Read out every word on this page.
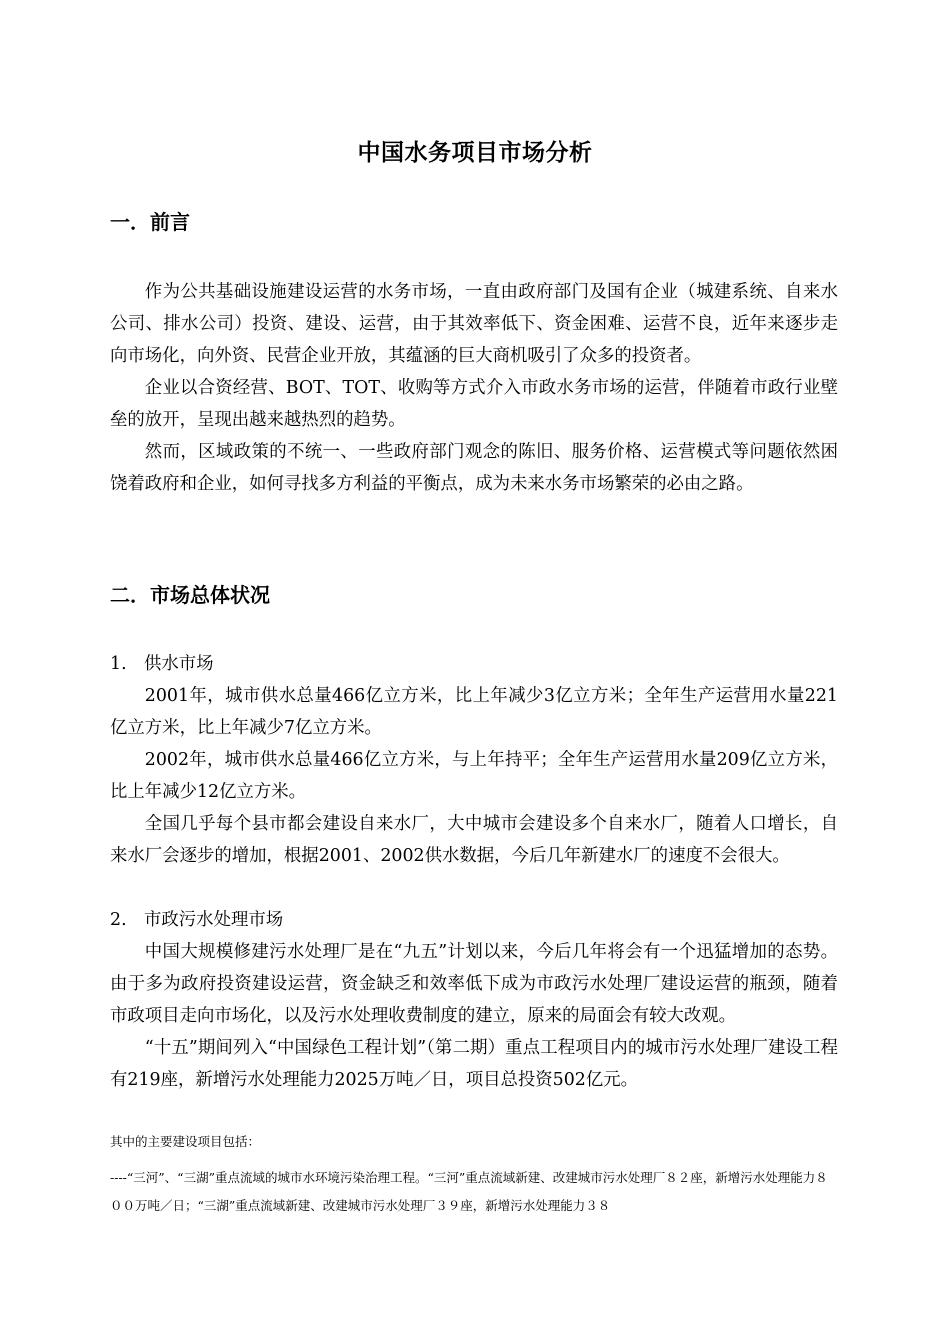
中国水务项目市场分析
一．前言

作为公共基础设施建设运营的水务市场，一直由政府部门及国有企业（城建系统、自来水公司、排水公司）投资、建设、运营，由于其效率低下、资金困难、运营不良，近年来逐步走向市场化，向外资、民营企业开放，其蕴涵的巨大商机吸引了众多的投资者。

企业以合资经营、BOT、TOT、收购等方式介入市政水务市场的运营，伴随着市政行业壁垒的放开，呈现出越来越热烈的趋势。

然而，区域政策的不统一、一些政府部门观念的陈旧、服务价格、运营模式等问题依然困饶着政府和企业，如何寻找多方利益的平衡点，成为未来水务市场繁荣的必由之路。

二．市场总体状况
1. 供水市场

2001年，城市供水总量466亿立方米，比上年减少3亿立方米；全年生产运营用水量221亿立方米，比上年减少7亿立方米。

2002年，城市供水总量466亿立方米，与上年持平；全年生产运营用水量209亿立方米，比上年减少12亿立方米。

全国几乎每个县市都会建设自来水厂，大中城市会建设多个自来水厂，随着人口增长，自来水厂会逐步的增加，根据2001、2002供水数据，今后几年新建水厂的速度不会很大。

2. 市政污水处理市场

中国大规模修建污水处理厂是在“九五”计划以来，今后几年将会有一个迅猛增加的态势。由于多为政府投资建设运营，资金缺乏和效率低下成为市政污水处理厂建设运营的瓶颈，随着市政项目走向市场化，以及污水处理收费制度的建立，原来的局面会有较大改观。

“十五”期间列入“中国绿色工程计划”（第二期）重点工程项目内的城市污水处理厂建设工程有219座，新增污水处理能力2025万吨／日，项目总投资502亿元。

其中的主要建设项目包括：
----“三河”、“三湖”重点流域的城市水环境污染治理工程。“三河”重点流域新建、改建城市污水处理厂８２座，新增污水处理能力８００万吨／日；“三湖”重点流域新建、改建城市污水处理厂３９座，新增污水处理能力３８
